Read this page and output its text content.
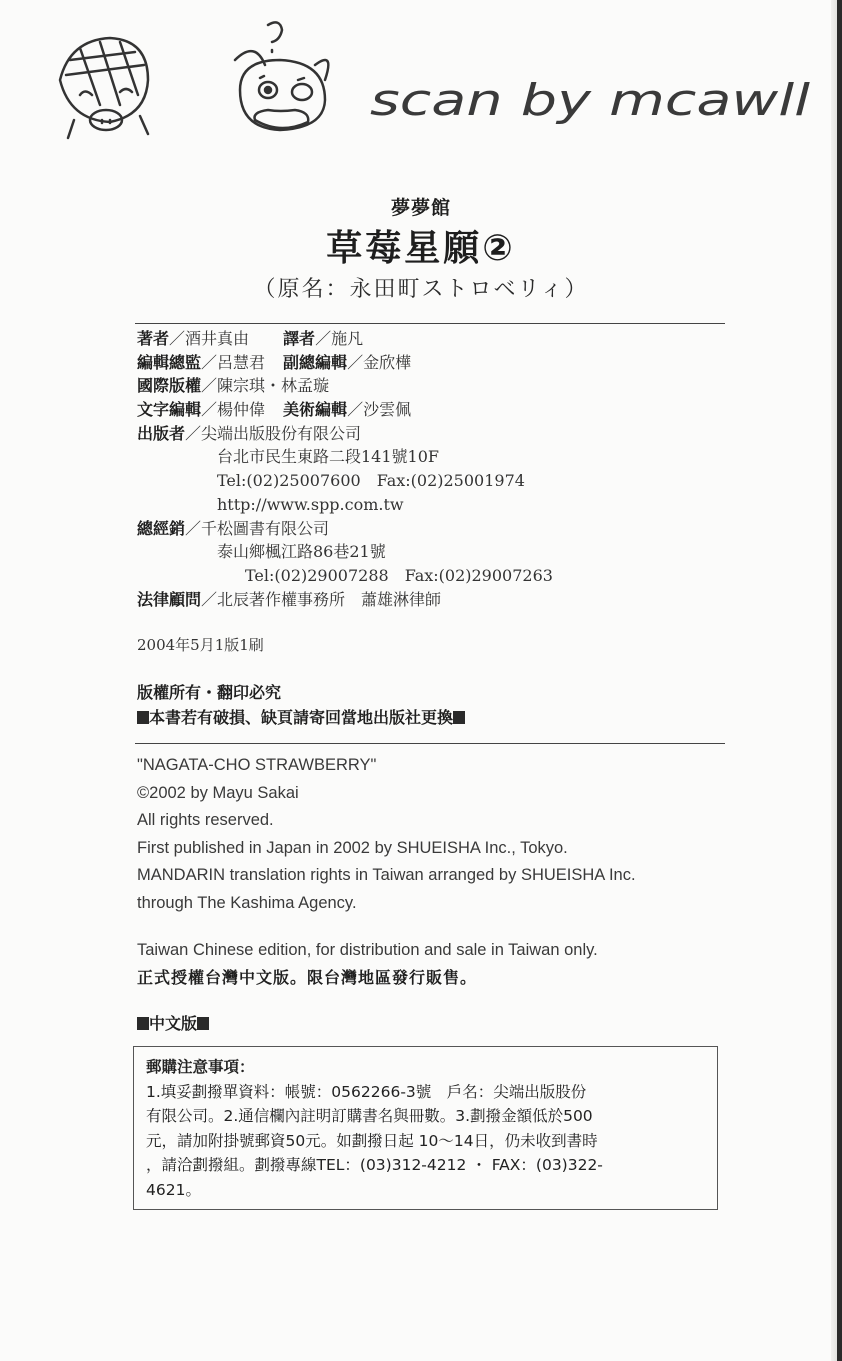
scan by mcawll
夢夢館
草莓星願②
（原名：永田町ストロベリィ）
著者／酒井真由 譯者／施凡
編輯總監／呂慧君 副總編輯／金欣樺
國際版權／陳宗琪・林孟璇
文字編輯／楊仲偉 美術編輯／沙雲佩
出版者／尖端出版股份有限公司
台北市民生東路二段141號10F
Tel:(02)25007600　Fax:(02)25001974
http://www.spp.com.tw
總經銷／千松圖書有限公司
泰山鄉楓江路86巷21號
Tel:(02)29007288　Fax:(02)29007263
法律顧問／北辰著作權事務所　蕭雄淋律師
2004年5月1版1刷
版權所有・翻印必究
本書若有破損、缺頁請寄回當地出版社更換
"NAGATA-CHO STRAWBERRY"
©2002 by Mayu Sakai
All rights reserved.
First published in Japan in 2002 by SHUEISHA Inc., Tokyo.
MANDARIN translation rights in Taiwan arranged by SHUEISHA Inc.
through The Kashima Agency.
Taiwan Chinese edition, for distribution and sale in Taiwan only.
正式授權台灣中文版。限台灣地區發行販售。
中文版
郵購注意事項：
1.填妥劃撥單資料：帳號：0562266-3號　戶名：尖端出版股份
有限公司。2.通信欄內註明訂購書名與冊數。3.劃撥金額低於500
元，請加附掛號郵資50元。如劃撥日起 10～14日，仍未收到書時
，請洽劃撥組。劃撥專線TEL：(03)312-4212 ・ FAX：(03)322-
4621。
